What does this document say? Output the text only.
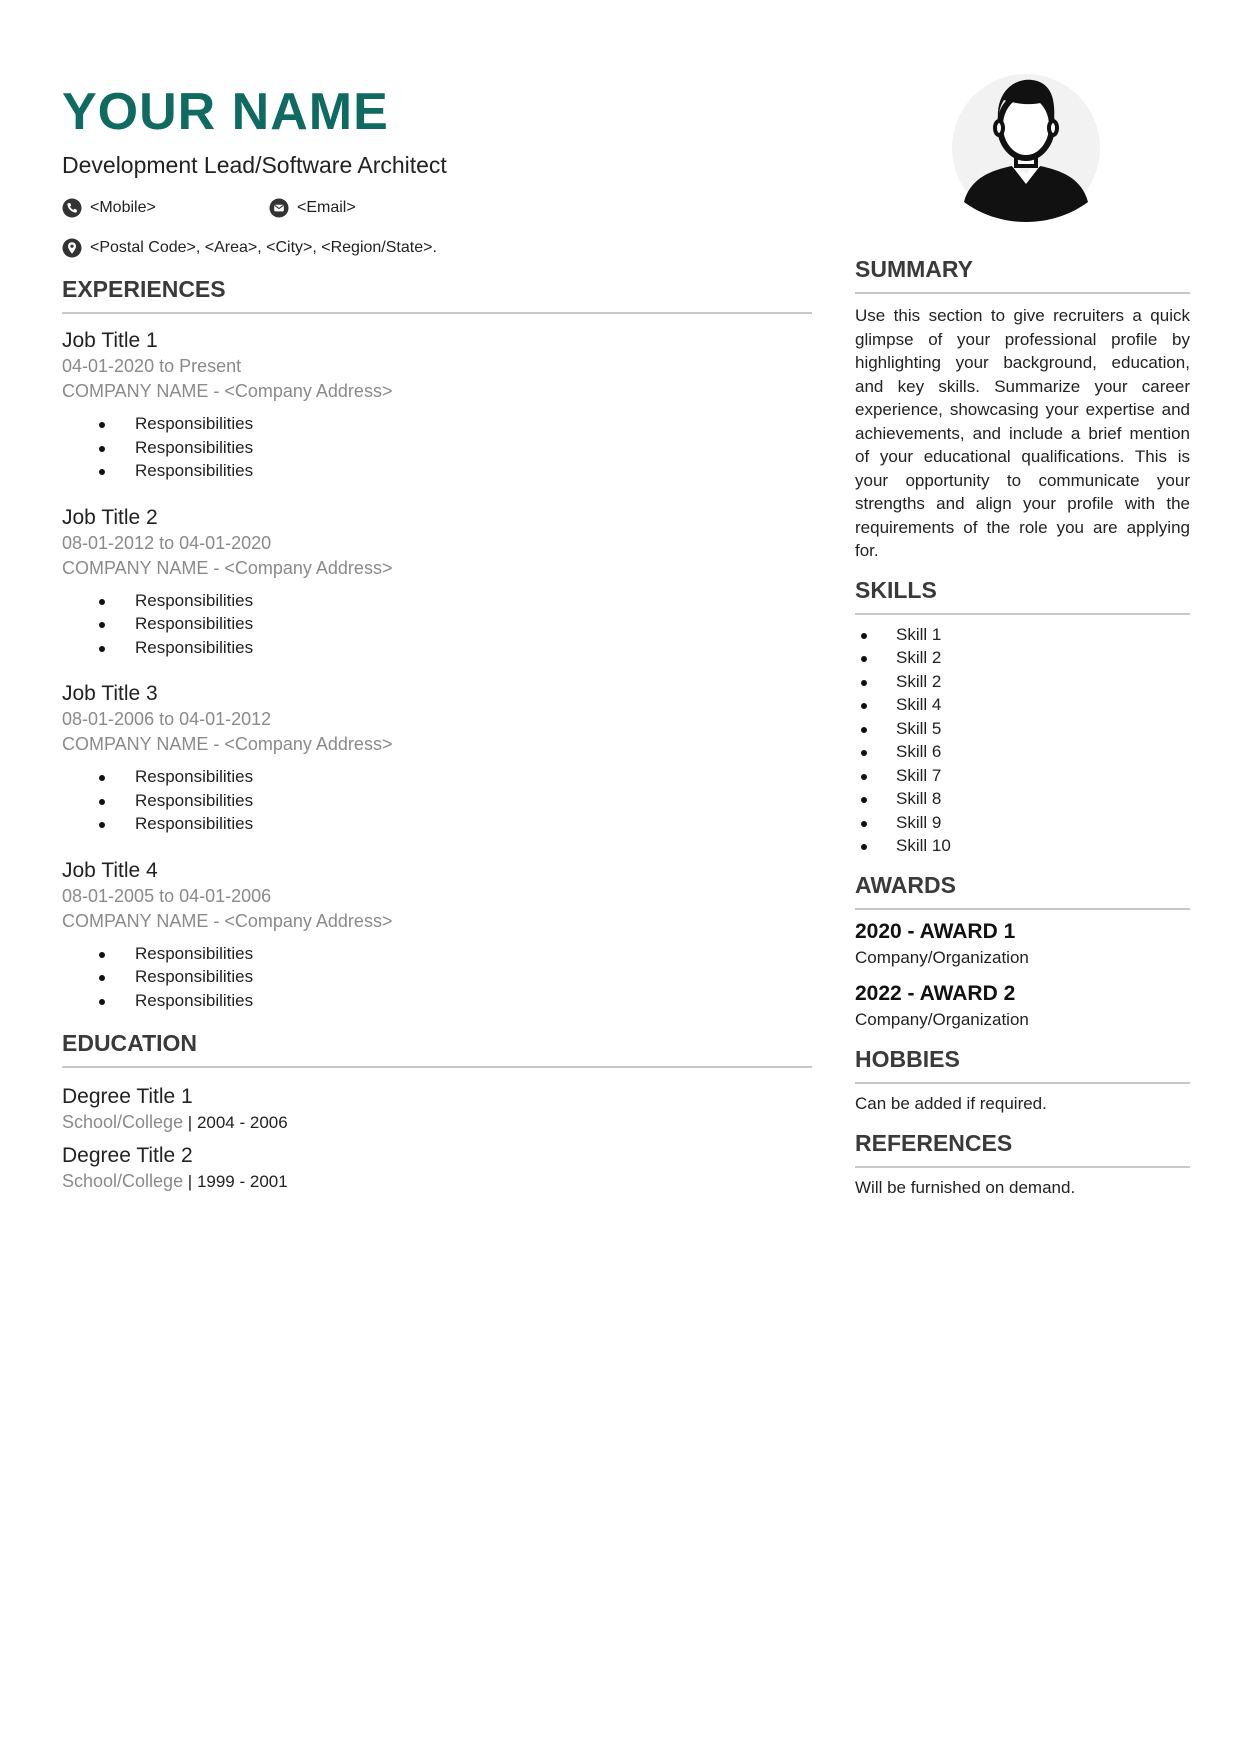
YOUR NAME
Development Lead/Software Architect
<Mobile>	<Email>
<Postal Code>, <Area>, <City>, <Region/State>.
EXPERIENCES
Job Title 1
04-01-2020 to Present
COMPANY NAME - <Company Address>
Responsibilities
Responsibilities
Responsibilities
Job Title 2
08-01-2012 to 04-01-2020
COMPANY NAME - <Company Address>
Responsibilities
Responsibilities
Responsibilities
Job Title 3
08-01-2006 to 04-01-2012
COMPANY NAME - <Company Address>
Responsibilities
Responsibilities
Responsibilities
Job Title 4
08-01-2005 to 04-01-2006
COMPANY NAME - <Company Address>
Responsibilities
Responsibilities
Responsibilities
EDUCATION
Degree Title 1
School/College | 2004 - 2006
Degree Title 2
School/College | 1999 - 2001
SUMMARY
Use this section to give recruiters a quick glimpse of your professional profile by highlighting your background, education, and key skills. Summarize your career experience, showcasing your expertise and achievements, and include a brief mention of your educational qualifications. This is your opportunity to communicate your strengths and align your profile with the requirements of the role you are applying for.
SKILLS
Skill 1
Skill 2
Skill 2
Skill 4
Skill 5
Skill 6
Skill 7
Skill 8
Skill 9
Skill 10
AWARDS
2020 - AWARD 1
Company/Organization
2022 - AWARD 2
Company/Organization
HOBBIES
Can be added if required.
REFERENCES
Will be furnished on demand.
